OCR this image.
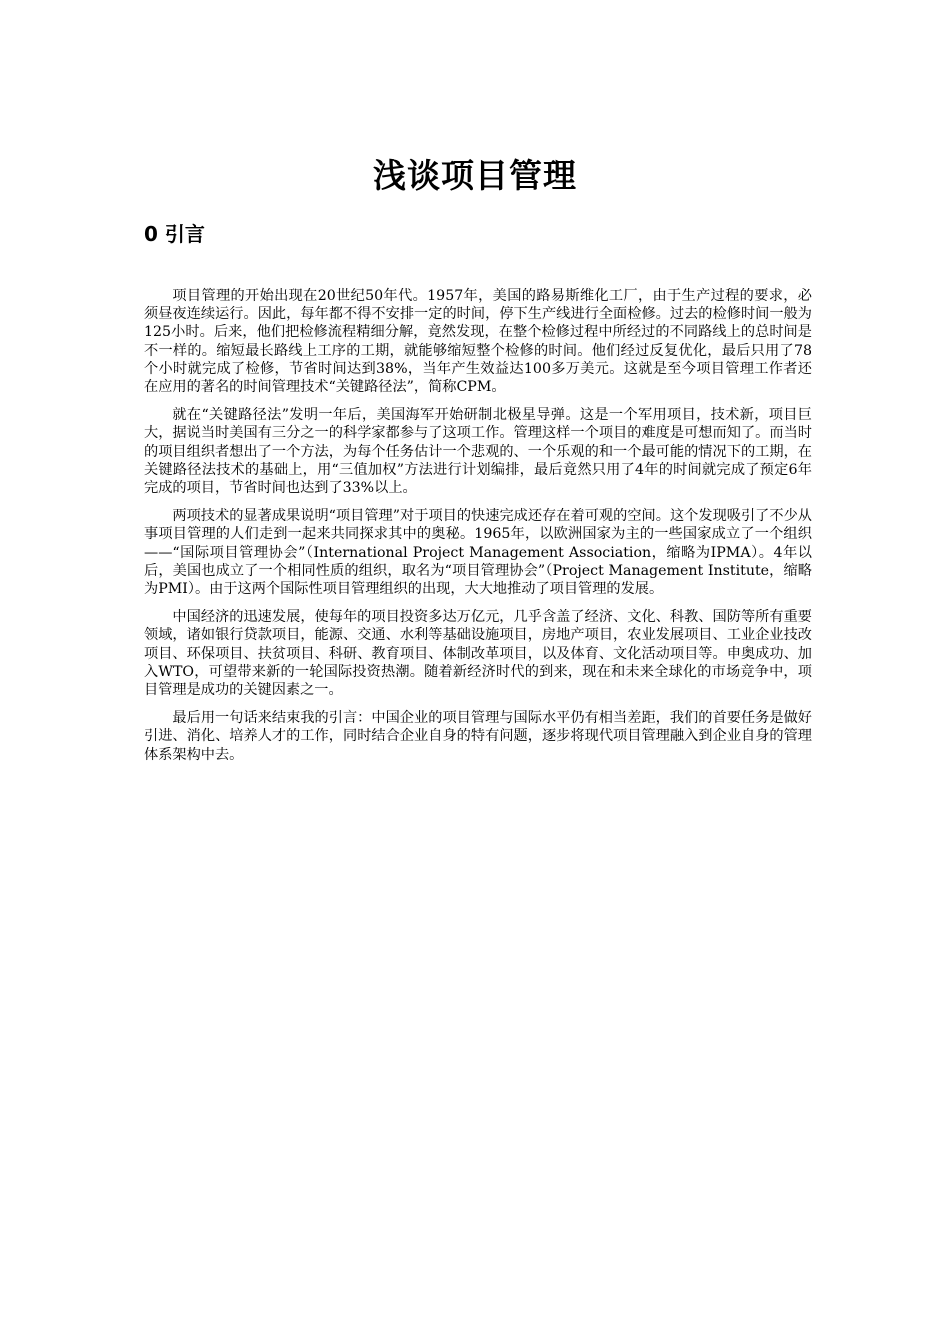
浅谈项目管理
0 引言

项目管理的开始出现在20世纪50年代。1957年，美国的路易斯维化工厂，由于生产过程的要求，必须昼夜连续运行。因此，每年都不得不安排一定的时间，停下生产线进行全面检修。过去的检修时间一般为125小时。后来，他们把检修流程精细分解，竟然发现，在整个检修过程中所经过的不同路线上的总时间是不一样的。缩短最长路线上工序的工期，就能够缩短整个检修的时间。他们经过反复优化，最后只用了78个小时就完成了检修，节省时间达到38%，当年产生效益达100多万美元。这就是至今项目管理工作者还在应用的著名的时间管理技术“关键路径法”，简称CPM。

就在“关键路径法”发明一年后，美国海军开始研制北极星导弹。这是一个军用项目，技术新，项目巨大，据说当时美国有三分之一的科学家都参与了这项工作。管理这样一个项目的难度是可想而知了。而当时的项目组织者想出了一个方法，为每个任务估计一个悲观的、一个乐观的和一个最可能的情况下的工期，在关键路径法技术的基础上，用“三值加权”方法进行计划编排，最后竟然只用了4年的时间就完成了预定6年完成的项目，节省时间也达到了33%以上。

两项技术的显著成果说明“项目管理”对于项目的快速完成还存在着可观的空间。这个发现吸引了不少从事项目管理的人们走到一起来共同探求其中的奥秘。1965年，以欧洲国家为主的一些国家成立了一个组织——“国际项目管理协会”（International Project Management Association，缩略为IPMA）。4年以后，美国也成立了一个相同性质的组织，取名为“项目管理协会”（Project Management Institute，缩略为PMI）。由于这两个国际性项目管理组织的出现，大大地推动了项目管理的发展。

中国经济的迅速发展，使每年的项目投资多达万亿元，几乎含盖了经济、文化、科教、国防等所有重要领域，诸如银行贷款项目，能源、交通、水利等基础设施项目，房地产项目，农业发展项目、工业企业技改项目、环保项目、扶贫项目、科研、教育项目、体制改革项目，以及体育、文化活动项目等。申奥成功、加入WTO，可望带来新的一轮国际投资热潮。随着新经济时代的到来，现在和未来全球化的市场竞争中，项目管理是成功的关键因素之一。

最后用一句话来结束我的引言：中国企业的项目管理与国际水平仍有相当差距，我们的首要任务是做好引进、消化、培养人才的工作，同时结合企业自身的特有问题，逐步将现代项目管理融入到企业自身的管理体系架构中去。
